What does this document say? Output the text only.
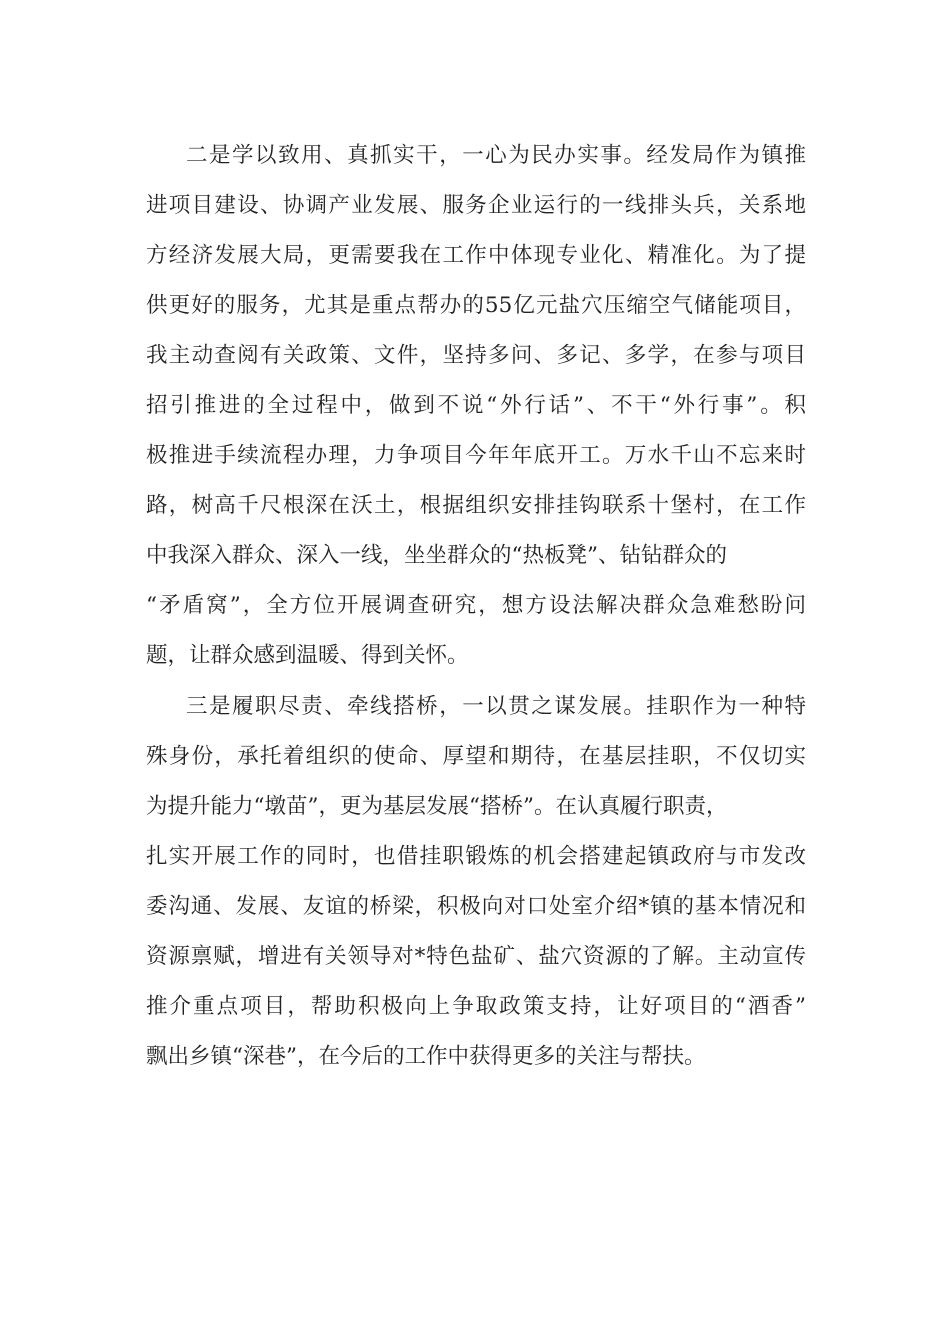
二是学以致用、真抓实干，一心为民办实事。经发局作为镇推
进项目建设、协调产业发展、服务企业运行的一线排头兵，关系地
方经济发展大局，更需要我在工作中体现专业化、精准化。为了提
供更好的服务，尤其是重点帮办的55亿元盐穴压缩空气储能项目，
我主动查阅有关政策、文件，坚持多问、多记、多学，在参与项目
招引推进的全过程中，做到不说“外行话”、不干“外行事”。积
极推进手续流程办理，力争项目今年年底开工。万水千山不忘来时
路，树高千尺根深在沃土，根据组织安排挂钩联系十堡村，在工作
中我深入群众、深入一线，坐坐群众的“热板凳”、钻钻群众的
“矛盾窝”，全方位开展调查研究，想方设法解决群众急难愁盼问
题，让群众感到温暖、得到关怀。
三是履职尽责、牵线搭桥，一以贯之谋发展。挂职作为一种特
殊身份，承托着组织的使命、厚望和期待，在基层挂职，不仅切实
为提升能力“墩苗”，更为基层发展“搭桥”。在认真履行职责，
扎实开展工作的同时，也借挂职锻炼的机会搭建起镇政府与市发改
委沟通、发展、友谊的桥梁，积极向对口处室介绍*镇的基本情况和
资源禀赋，增进有关领导对*特色盐矿、盐穴资源的了解。主动宣传
推介重点项目，帮助积极向上争取政策支持，让好项目的“酒香”
飘出乡镇“深巷”，在今后的工作中获得更多的关注与帮扶。
